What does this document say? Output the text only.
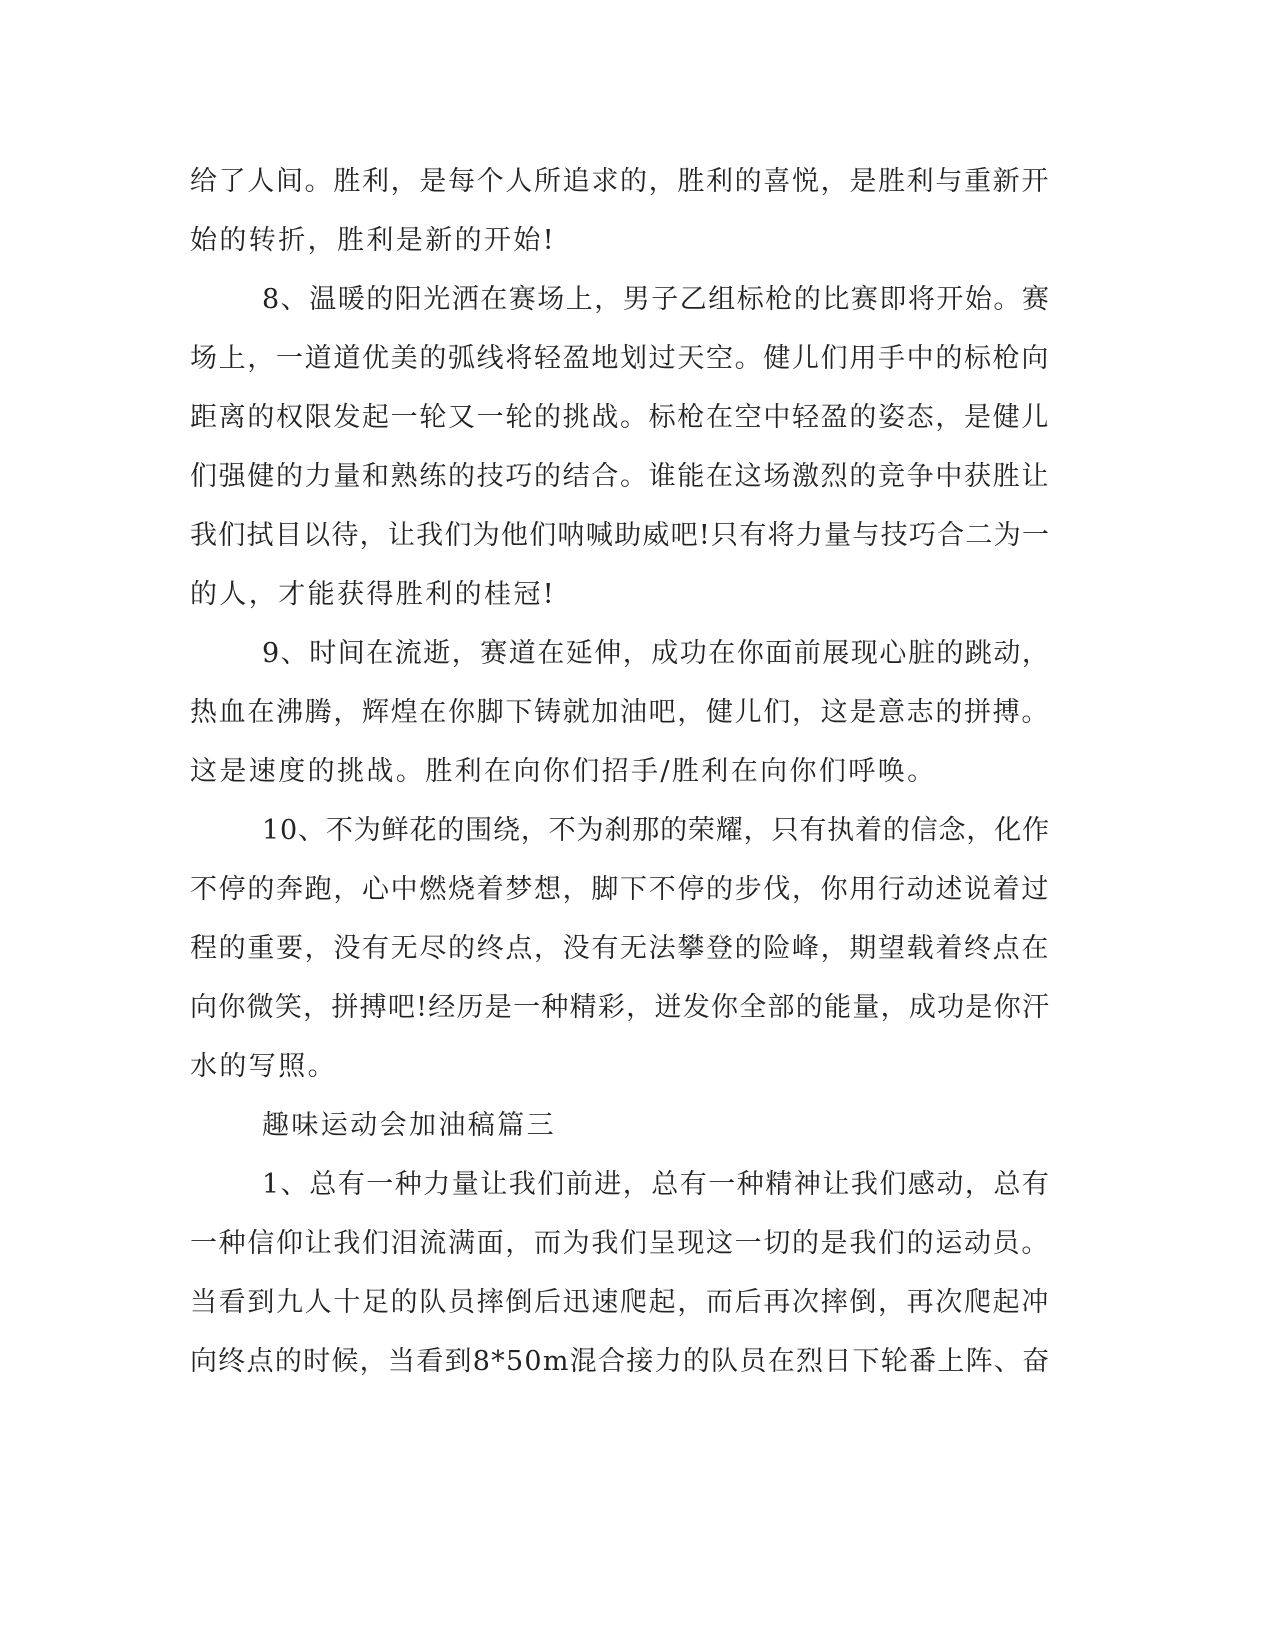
给了人间。胜利，是每个人所追求的，胜利的喜悦，是胜利与重新开
始的转折，胜利是新的开始!
8、温暖的阳光洒在赛场上，男子乙组标枪的比赛即将开始。赛
场上，一道道优美的弧线将轻盈地划过天空。健儿们用手中的标枪向
距离的权限发起一轮又一轮的挑战。标枪在空中轻盈的姿态，是健儿
们强健的力量和熟练的技巧的结合。谁能在这场激烈的竞争中获胜让
我们拭目以待，让我们为他们呐喊助威吧!只有将力量与技巧合二为一
的人，才能获得胜利的桂冠!
9、时间在流逝，赛道在延伸，成功在你面前展现心脏的跳动，
热血在沸腾，辉煌在你脚下铸就加油吧，健儿们，这是意志的拼搏。
这是速度的挑战。胜利在向你们招手/胜利在向你们呼唤。
10、不为鲜花的围绕，不为刹那的荣耀，只有执着的信念，化作
不停的奔跑，心中燃烧着梦想，脚下不停的步伐，你用行动述说着过
程的重要，没有无尽的终点，没有无法攀登的险峰，期望载着终点在
向你微笑，拼搏吧!经历是一种精彩，迸发你全部的能量，成功是你汗
水的写照。
趣味运动会加油稿篇三
1、总有一种力量让我们前进，总有一种精神让我们感动，总有
一种信仰让我们泪流满面，而为我们呈现这一切的是我们的运动员。
当看到九人十足的队员摔倒后迅速爬起，而后再次摔倒，再次爬起冲
向终点的时候，当看到8*50m混合接力的队员在烈日下轮番上阵、奋
